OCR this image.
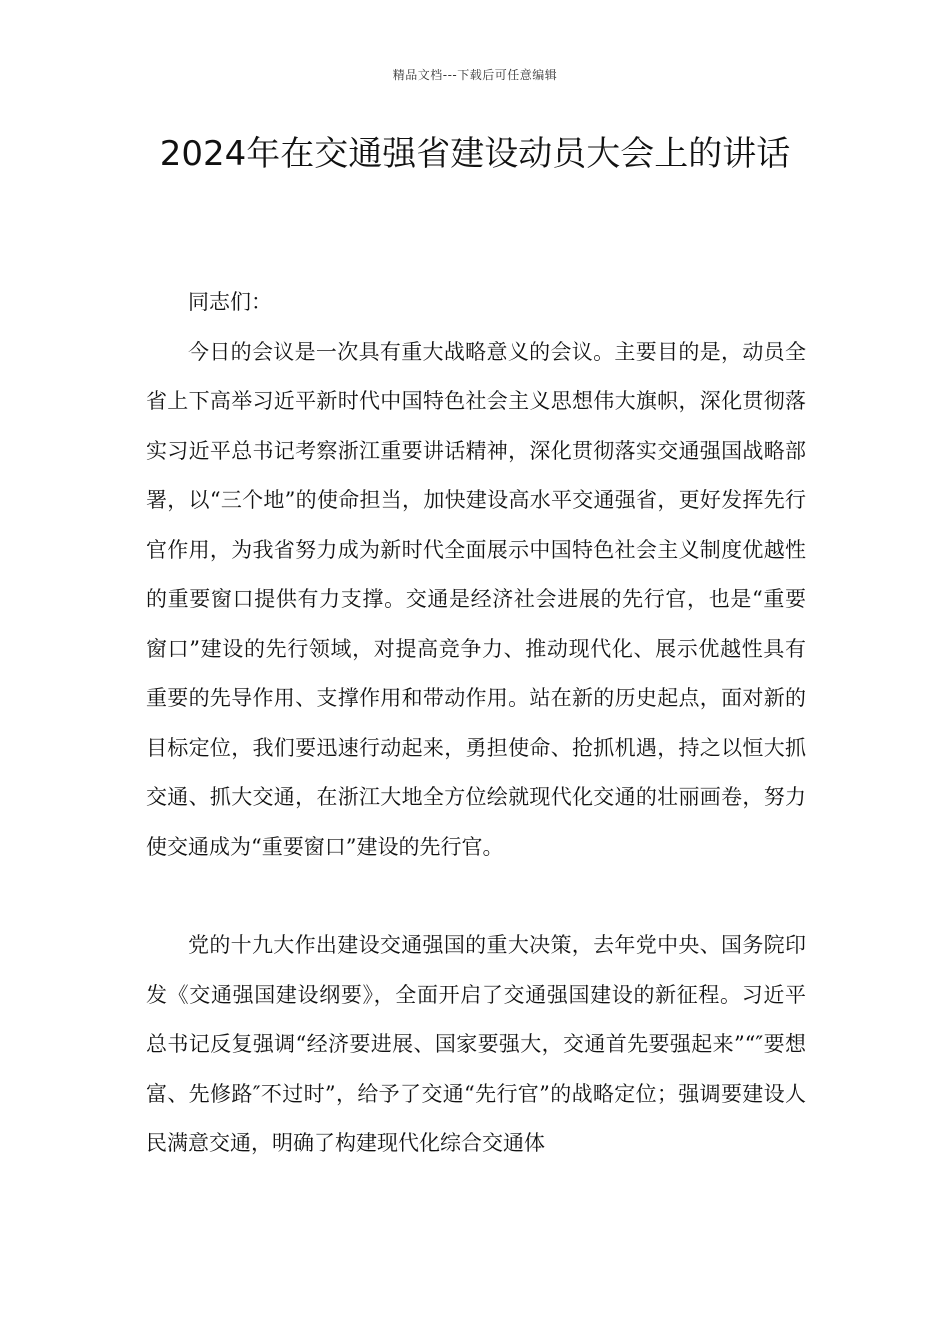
精品文档---下载后可任意编辑
2024年在交通强省建设动员大会上的讲话

同志们：

今日的会议是一次具有重大战略意义的会议。主要目的是，动员全省上下高举习近平新时代中国特色社会主义思想伟大旗帜，深化贯彻落实习近平总书记考察浙江重要讲话精神，深化贯彻落实交通强国战略部署，以“三个地”的使命担当，加快建设高水平交通强省，更好发挥先行官作用，为我省努力成为新时代全面展示中国特色社会主义制度优越性的重要窗口提供有力支撑。交通是经济社会进展的先行官，也是“重要窗口”建设的先行领域，对提高竞争力、推动现代化、展示优越性具有重要的先导作用、支撑作用和带动作用。站在新的历史起点，面对新的目标定位，我们要迅速行动起来，勇担使命、抢抓机遇，持之以恒大抓交通、抓大交通，在浙江大地全方位绘就现代化交通的壮丽画卷，努力使交通成为“重要窗口”建设的先行官。

党的十九大作出建设交通强国的重大决策，去年党中央、国务院印发《交通强国建设纲要》，全面开启了交通强国建设的新征程。习近平总书记反复强调“经济要进展、国家要强大，交通首先要强起来”“″要想富、先修路″不过时”，给予了交通“先行官”的战略定位；强调要建设人民满意交通，明确了构建现代化综合交通体
